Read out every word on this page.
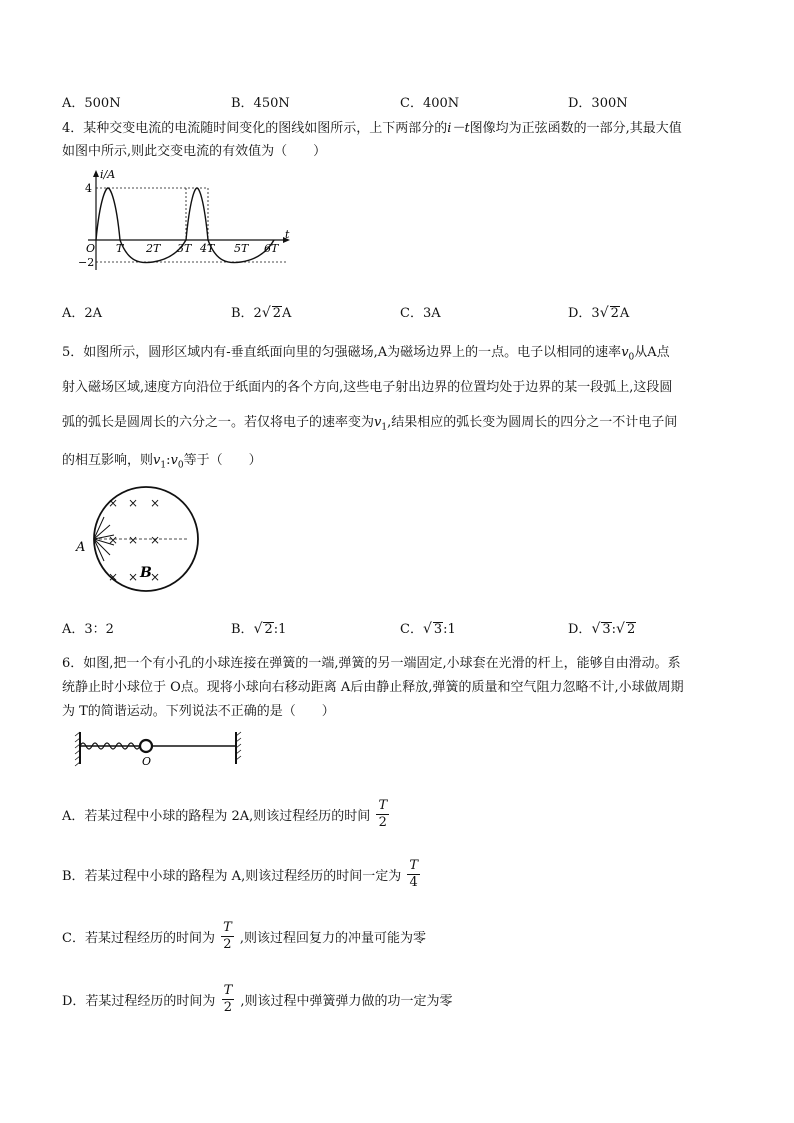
A．500N	B．450N	C．400N	D．300N
4．某种交变电流的电流随时间变化的图线如图所示，上下两部分的i－t图像均为正弦函数的一部分,其最大值
如图中所示,则此交变电流的有效值为（　　）
i/A
4
−2
O
t
T 2T 3T 4T 5T 6T
A．2A	B．2√ 2A	C．3A	D．3√ 2A
5．如图所示，圆形区域内有-垂直纸面向里的匀强磁场,A为磁场边界上的一点。电子以相同的速率$v_0$从A点
射入磁场区域,速度方向沿位于纸面内的各个方向,这些电子射出边界的位置均处于边界的某一段弧上,这段圆
弧的弧长是圆周长的六分之一。若仅将电子的速率变为$v_1$,结果相应的弧长变为圆周长的四分之一不计电子间
的相互影响，则$v_1:v_0$等于（　　）
× × ×
× × ×
× × ×
A
B
A．3：2	B．√ 2:1	C．√ 3:1	D．√ 3:√ 2
6．如图,把一个有小孔的小球连接在弹簧的一端,弹簧的另一端固定,小球套在光滑的杆上，能够自由滑动。系
统静止时小球位于 O点。现将小球向右移动距离 A后由静止释放,弹簧的质量和空气阻力忽略不计,小球做周期
为 T的简谐运动。下列说法不正确的是（　　）
O
A．若某过程中小球的路程为 2A,则该过程经历的时间 $\frac{T}{2}$
B．若某过程中小球的路程为 A,则该过程经历的时间一定为 $\frac{T}{4}$
C．若某过程经历的时间为 $\frac{T}{2}$ ,则该过程回复力的冲量可能为零
D．若某过程经历的时间为 $\frac{T}{2}$ ,则该过程中弹簧弹力做的功一定为零
